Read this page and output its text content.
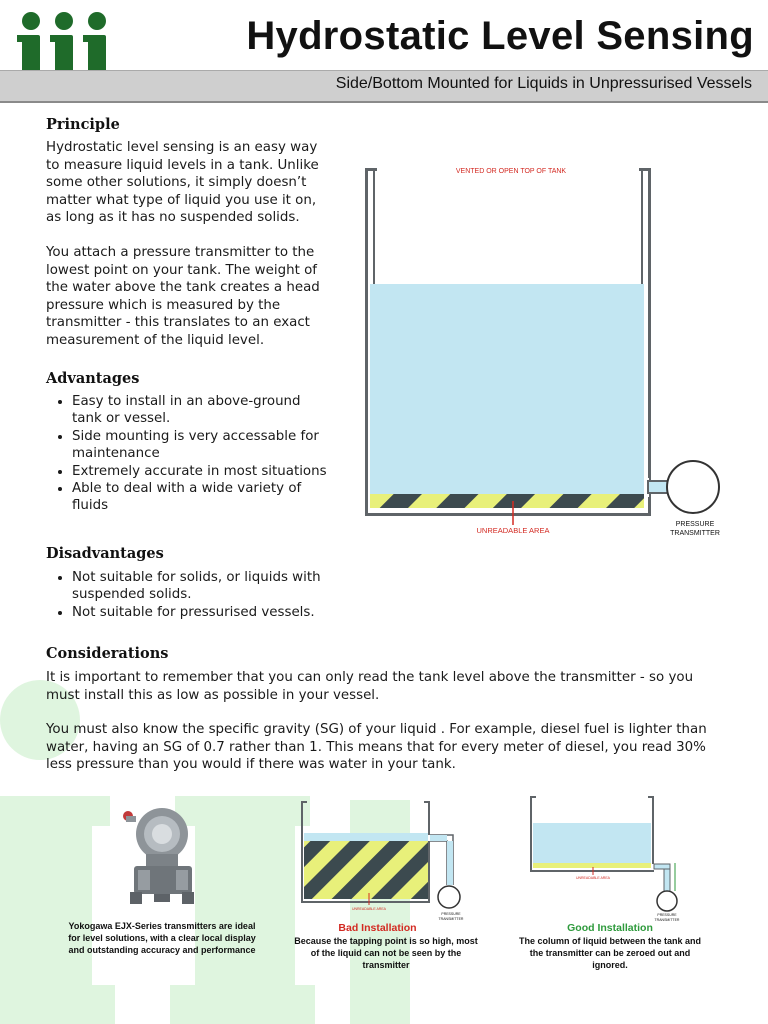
Hydrostatic Level Sensing
Side/Bottom Mounted for Liquids in Unpressurised Vessels
Principle
Hydrostatic level sensing is an easy way to measure liquid levels in a tank. Unlike some other solutions, it simply doesn’t matter what type of liquid you use it on, as long as it has no suspended solids.
You attach a pressure transmitter to the lowest point on your tank. The weight of the water above the tank creates a head pressure which is measured by the transmitter - this translates to an exact measurement of the liquid level.
Advantages
• Easy to install in an above-ground tank or vessel.
• Side mounting is very accessable for maintenance
• Extremely accurate in most situations
• Able to deal with a wide variety of fluids
Disadvantages
• Not suitable for solids, or liquids with suspended solids.
• Not suitable for pressurised vessels.
Considerations
It is important to remember that you can only read the tank level above the transmitter - so you must install this as low as possible in your vessel.
You must also know the specific gravity (SG) of your liquid . For example, diesel fuel is lighter than water, having an SG of 0.7 rather than 1. This means that for every meter of diesel, you read 30% less pressure than you would if there was water in your tank.
VENTED OR OPEN TOP OF TANK
UNREADABLE AREA
PRESSURE
TRANSMITTER
Yokogawa EJX-Series transmitters are ideal for level solutions, with a clear local display and outstanding accuracy and performance
UNREADABLE AREA
PRESSURE
TRANSMITTER
Bad Installation
Because the tapping point is so high, most of the liquid can not be seen by the transmitter
UNREADABLE AREA
PRESSURE
TRANSMITTER
Good Installation
The column of liquid between the tank and the transmitter can be zeroed out and ignored.
